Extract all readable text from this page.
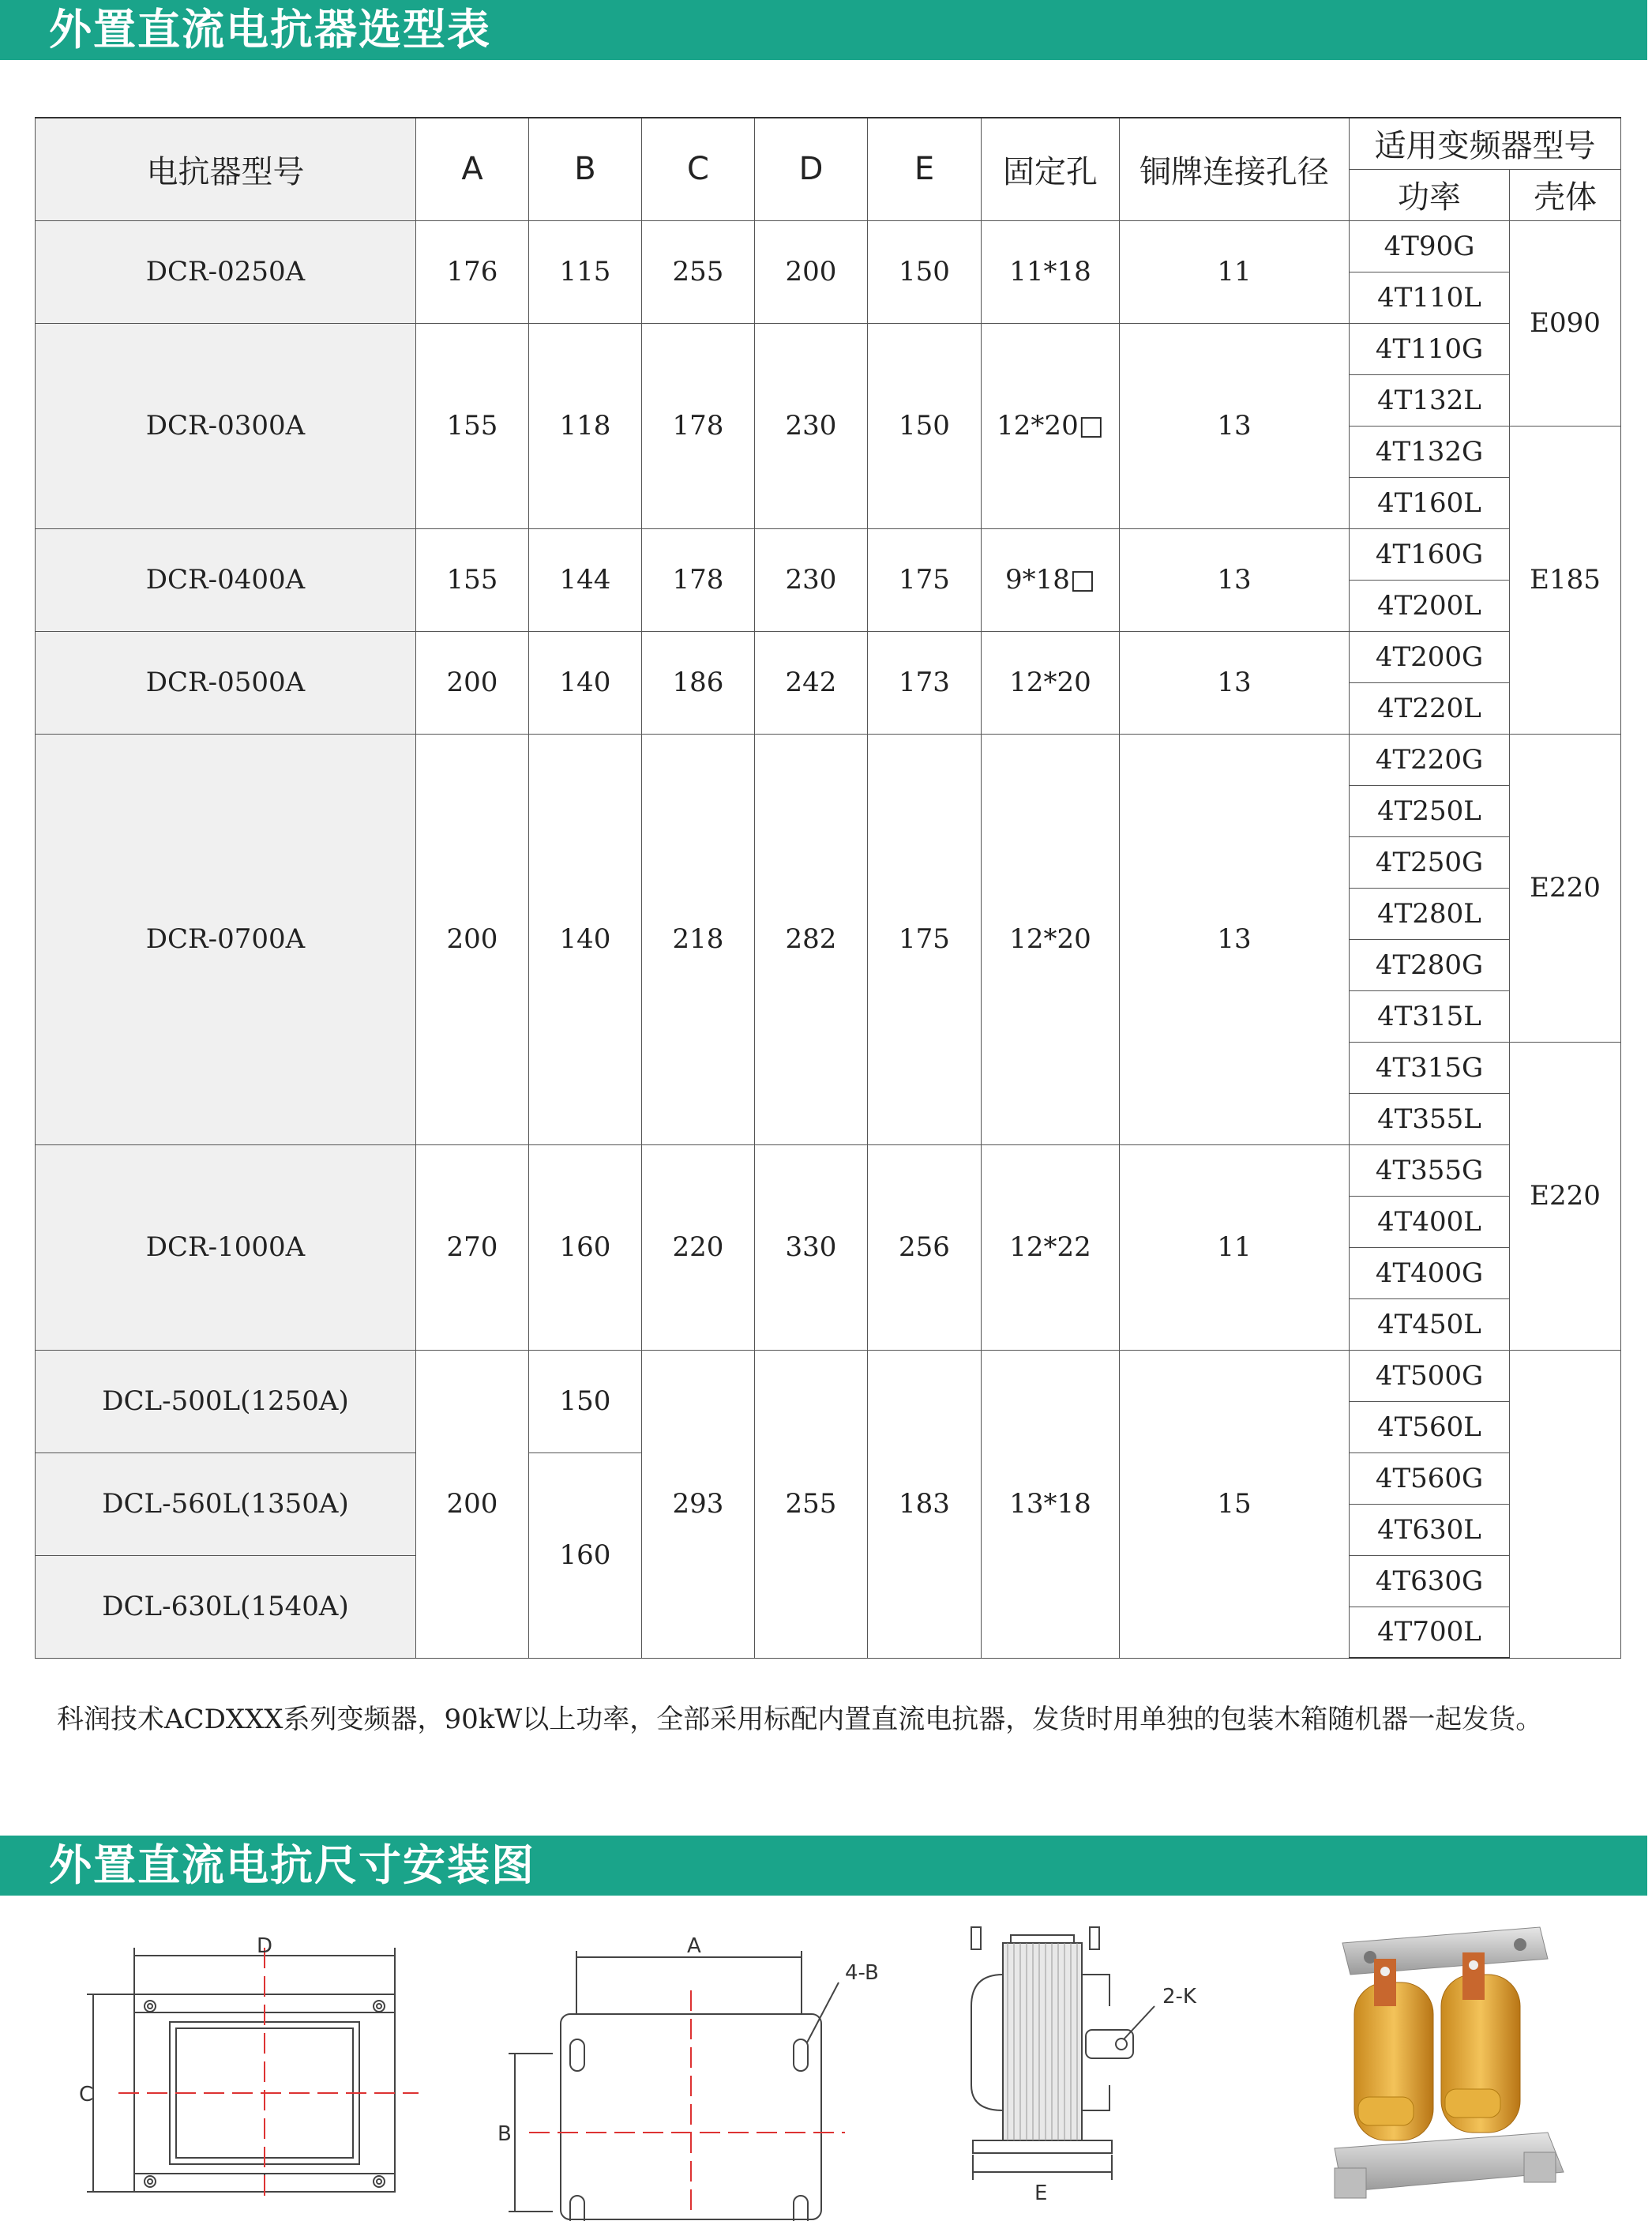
外置直流电抗器选型表
电抗器型号	A	B	C	D	E	固定孔	铜牌连接孔径	适用变频器型号	
								功率	壳体
DCR-0250A	176	115	255	200	150	11*18	11	4T90G	E090
								4T110L	
DCR-0300A	155	118	178	230	150	12*20□	13	4T110G	
								4T132L	
								4T132G	E185
								4T160L	
DCR-0400A	155	144	178	230	175	9*18□	13	4T160G	
								4T200L	
DCR-0500A	200	140	186	242	173	12*20	13	4T200G	
								4T220L	
DCR-0700A	200	140	218	282	175	12*20	13	4T220G	E220
								4T250L	
								4T250G	
								4T280L	
								4T280G	
								4T315L	
								4T315G	E220
								4T355L	
DCR-1000A	270	160	220	330	256	12*22	11	4T355G	
								4T400L	
								4T400G	
								4T450L	
DCL-500L(1250A)	200	150	293	255	183	13*18	15	4T500G	
								4T560L	
DCL-560L(1350A)		160						4T560G	
								4T630L	
DCL-630L(1540A)								4T630G	
								4T700L	
科润技术ACDXXX系列变频器，90kW以上功率，全部采用标配内置直流电抗器，发货时用单独的包装木箱随机器一起发货。
外置直流电抗尺寸安装图
D
C
A
B
4-B
2-K
E
